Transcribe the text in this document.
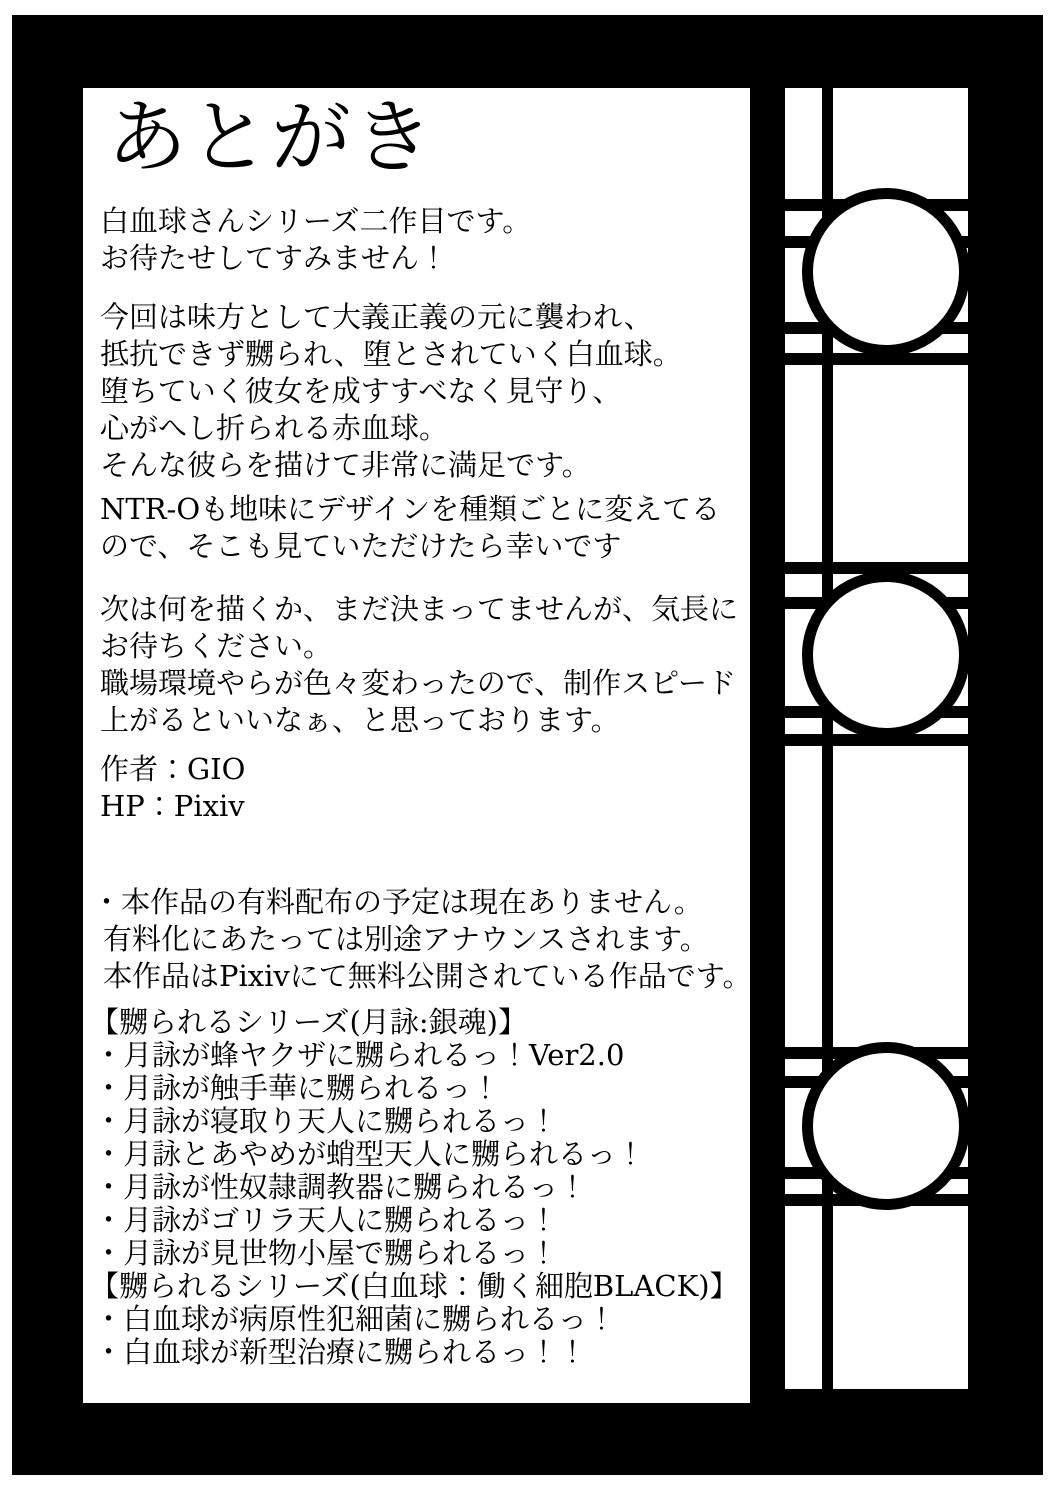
あとがき
白血球さんシリーズ二作目です。
お待たせしてすみません！
今回は味方として大義正義の元に襲われ、
抵抗できず嬲られ、堕とされていく白血球。
堕ちていく彼女を成すすべなく見守り、
心がへし折られる赤血球。
そんな彼らを描けて非常に満足です。
NTR-Oも地味にデザインを種類ごとに変えてる
ので、そこも見ていただけたら幸いです
次は何を描くか、まだ決まってませんが、気長に
お待ちください。
職場環境やらが色々変わったので、制作スピード
上がるといいなぁ、と思っております。
作者：GIO
HP：Pixiv
・本作品の有料配布の予定は現在ありません。
有料化にあたっては別途アナウンスされます。
本作品はPixivにて無料公開されている作品です。
【嬲られるシリーズ(月詠:銀魂)】
・月詠が蜂ヤクザに嬲られるっ！Ver2.0
・月詠が触手華に嬲られるっ！
・月詠が寝取り天人に嬲られるっ！
・月詠とあやめが蛸型天人に嬲られるっ！
・月詠が性奴隷調教器に嬲られるっ！
・月詠がゴリラ天人に嬲られるっ！
・月詠が見世物小屋で嬲られるっ！
【嬲られるシリーズ(白血球：働く細胞BLACK)】
・白血球が病原性犯細菌に嬲られるっ！
・白血球が新型治療に嬲られるっ！！
